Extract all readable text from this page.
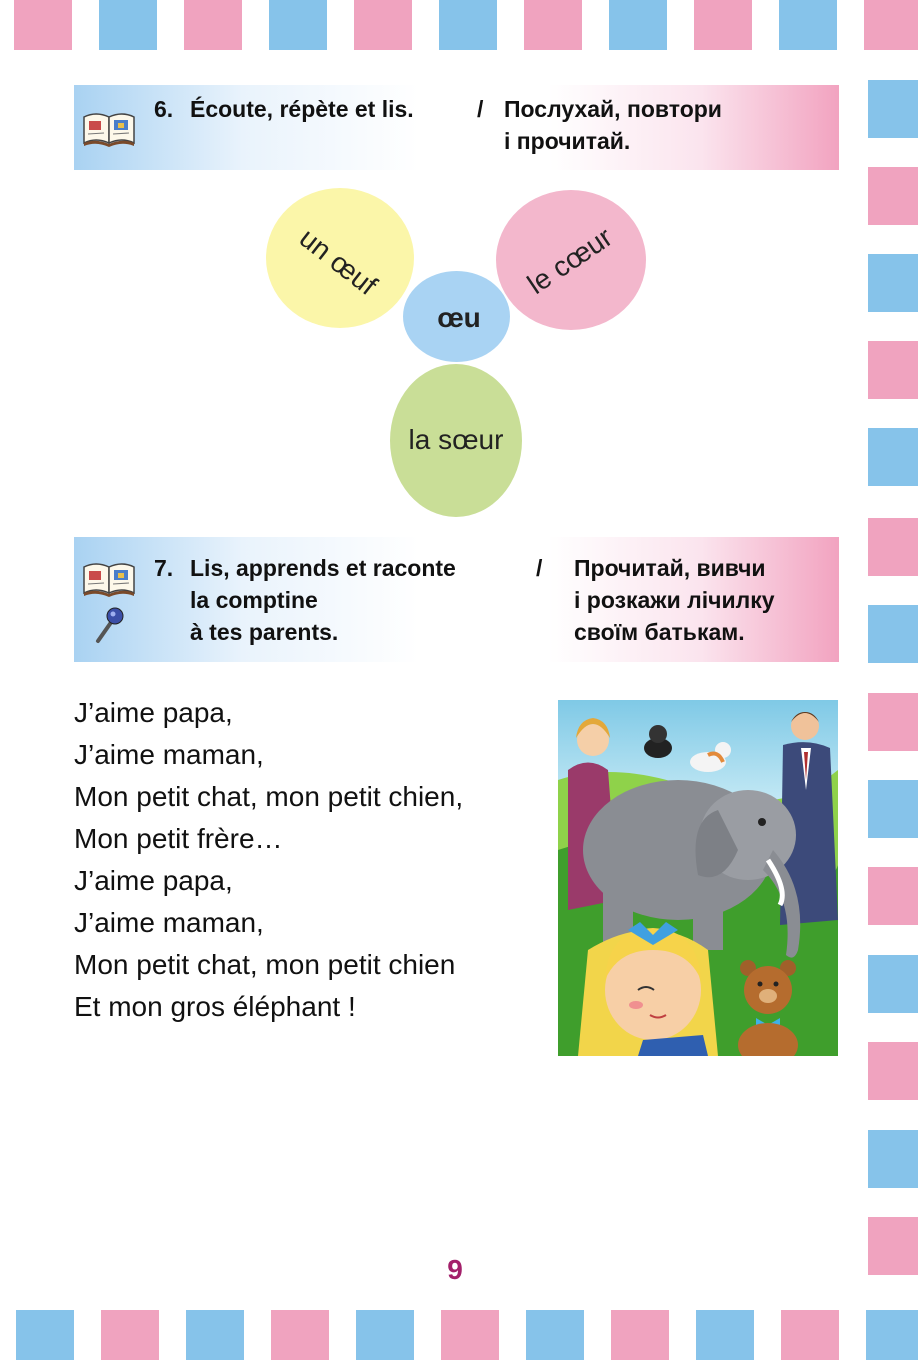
6. Écoute, répète et lis.	/ Послухай, повтори
і прочитай.
un œuf	le cœur
la sœur
œu
7. Lis, apprends et raconte
la comptine
à tes parents.
/ Прочитай, вивчи
і розкажи лічилку
своїм батькам.
J’aime papa,
J’aime maman,
Mon petit chat, mon petit chien,
Mon petit frère…
J’aime papa,
J’aime maman,
Mon petit chat, mon petit chien
Et mon gros éléphant !
9
